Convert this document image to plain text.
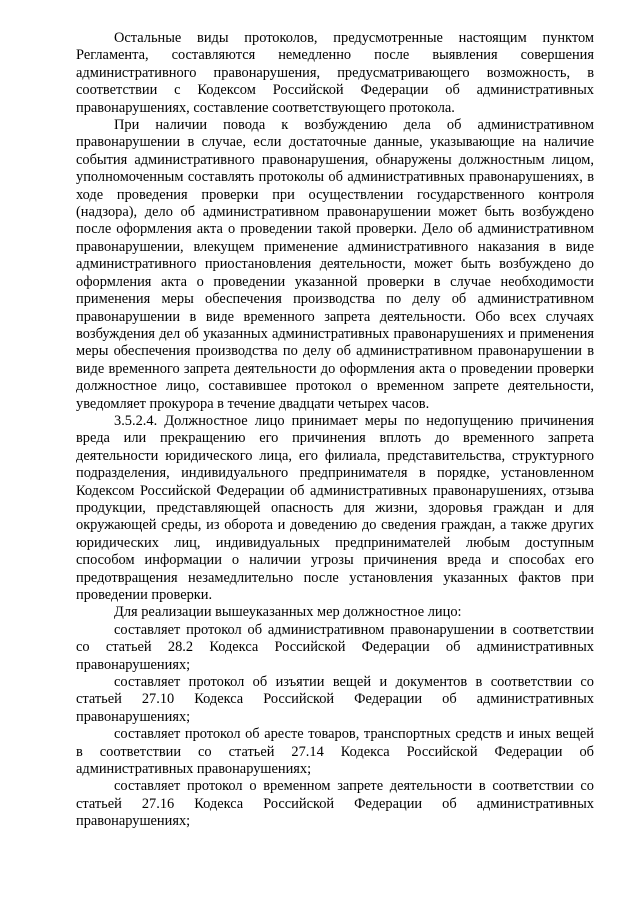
Остальные виды протоколов, предусмотренные настоящим пунктом Регламента, составляются немедленно после выявления совершения административного правонарушения, предусматривающего возможность, в соответствии с Кодексом Российской Федерации об административных правонарушениях, составление соответствующего протокола.

При наличии повода к возбуждению дела об административном правонарушении в случае, если достаточные данные, указывающие на наличие события административного правонарушения, обнаружены должностным лицом, уполномоченным составлять протоколы об административных правонарушениях, в ходе проведения проверки при осуществлении государственного контроля (надзора), дело об административном правонарушении может быть возбуждено после оформления акта о проведении такой проверки. Дело об административном правонарушении, влекущем применение административного наказания в виде административного приостановления деятельности, может быть возбуждено до оформления акта о проведении указанной проверки в случае необходимости применения меры обеспечения производства по делу об административном правонарушении в виде временного запрета деятельности. Обо всех случаях возбуждения дел об указанных административных правонарушениях и применения меры обеспечения производства по делу об административном правонарушении в виде временного запрета деятельности до оформления акта о проведении проверки должностное лицо, составившее протокол о временном запрете деятельности, уведомляет прокурора в течение двадцати четырех часов.

3.5.2.4. Должностное лицо принимает меры по недопущению причинения вреда или прекращению его причинения вплоть до временного запрета деятельности юридического лица, его филиала, представительства, структурного подразделения, индивидуального предпринимателя в порядке, установленном Кодексом Российской Федерации об административных правонарушениях, отзыва продукции, представляющей опасность для жизни, здоровья граждан и для окружающей среды, из оборота и доведению до сведения граждан, а также других юридических лиц, индивидуальных предпринимателей любым доступным способом информации о наличии угрозы причинения вреда и способах его предотвращения незамедлительно после установления указанных фактов при проведении проверки.

Для реализации вышеуказанных мер должностное лицо:

составляет протокол об административном правонарушении в соответствии со статьей 28.2 Кодекса Российской Федерации об административных правонарушениях;

составляет протокол об изъятии вещей и документов в соответствии со статьей 27.10 Кодекса Российской Федерации об административных правонарушениях;

составляет протокол об аресте товаров, транспортных средств и иных вещей в соответствии со статьей 27.14 Кодекса Российской Федерации об административных правонарушениях;

составляет протокол о временном запрете деятельности в соответствии со статьей 27.16 Кодекса Российской Федерации об административных правонарушениях;
